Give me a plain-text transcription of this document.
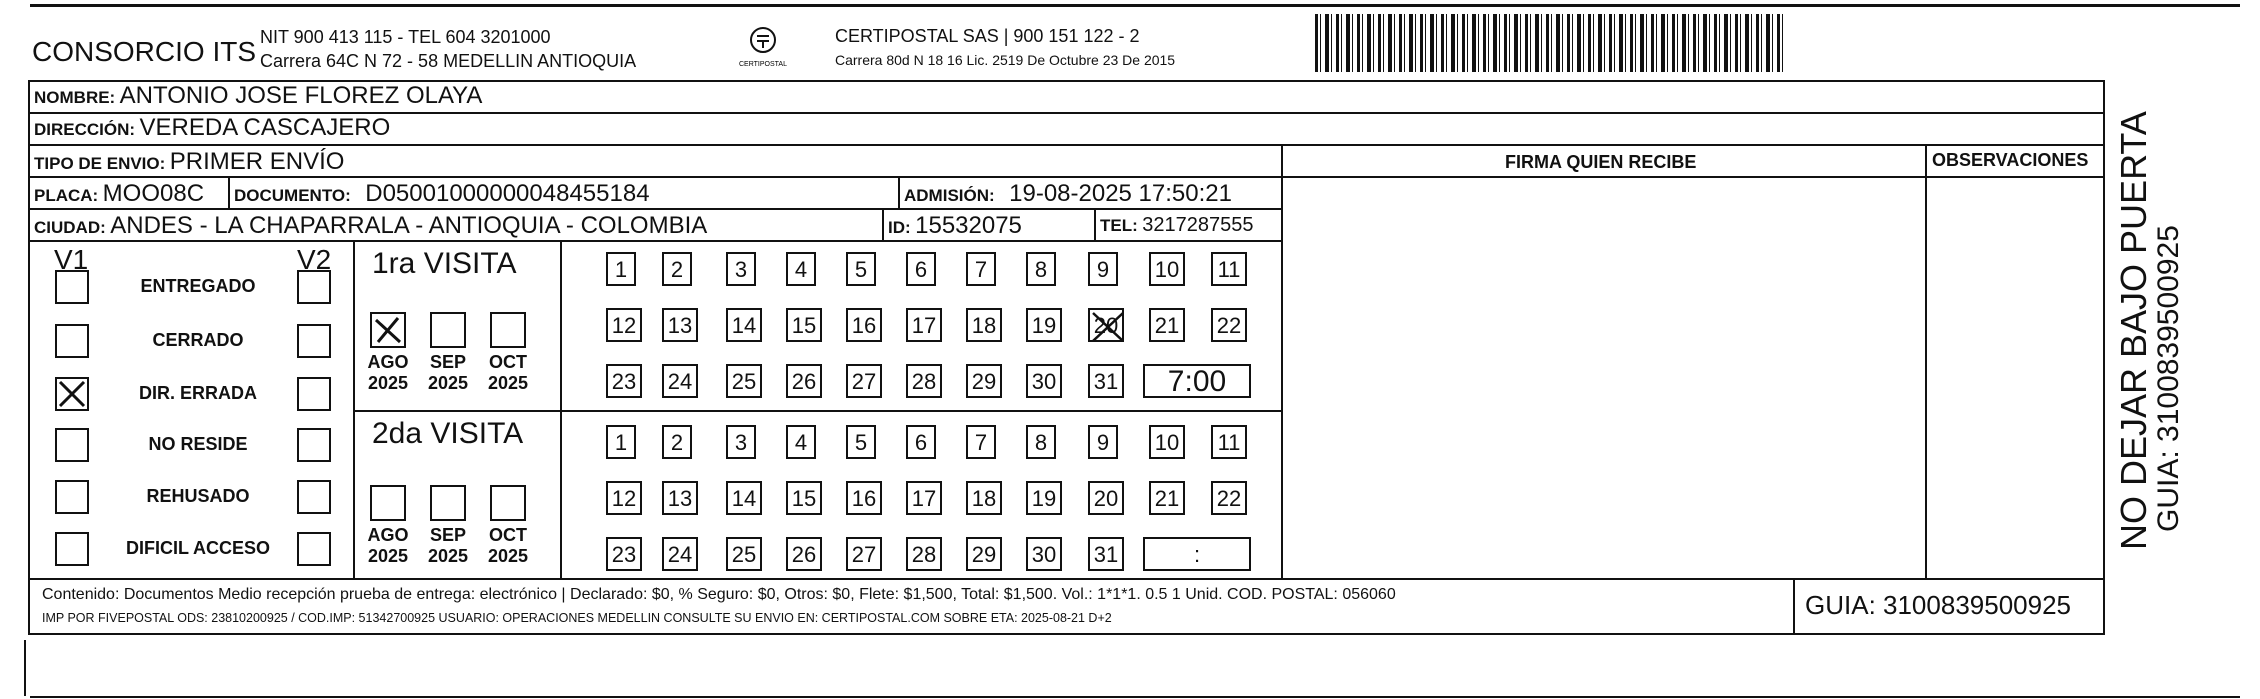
CONSORCIO ITS NIT 900 413 115 - TEL 604 3201000
Carrera 64C N 72 - 58 MEDELLIN ANTIOQUIA	CERTIPOSTAL
CERTIPOSTAL SAS | 900 151 122 - 2
Carrera 80d N 18 16 Lic. 2519 De Octubre 23 De 2015
NOMBRE: ANTONIO JOSE FLOREZ OLAYA
DIRECCIÓN: VEREDA CASCAJERO
TIPO DE ENVIO: PRIMER ENVÍO	FIRMA QUIEN RECIBE	OBSERVACIONES
PLACA: MOO08C DOCUMENTO: D05001000000048455184	ADMISIÓN: 19-08-2025 17:50:21
CIUDAD: ANDES - LA CHAPARRALA - ANTIOQUIA - COLOMBIA	ID: 15532075	TEL: 3217287555
V1	V2
ENTREGADO
CERRADO
DIR. ERRADA
NO RESIDE
REHUSADO
DIFICIL ACCESO
1ra VISITA
2da VISITA
AGO
2025
SEP
2025
OCT
2025
1	2	3	4	5	6	7	8	9	10 11
12 13 14 15 16 17 18 19 20 21 22
23 24 25 26 27 28 29 30 31	7:00
AGO
2025
SEP
2025
OCT
2025
1	2	3	4	5	6	7	8	9	10 11
12 13 14 15 16 17 18 19 20 21 22
23 24 25 26 27 28 29 30 31	:
Contenido: Documentos Medio recepción prueba de entrega: electrónico | Declarado: $0, % Seguro: $0, Otros: $0, Flete: $1,500, Total: $1,500. Vol.: 1*1*1. 0.5 1 Unid. COD. POSTAL: 056060
IMP POR FIVEPOSTAL ODS: 23810200925 / COD.IMP: 51342700925 USUARIO: OPERACIONES MEDELLIN CONSULTE SU ENVIO EN: CERTIPOSTAL.COM SOBRE ETA: 2025-08-21 D+2	GUIA: 3100839500925
NO DEJAR BAJO PUERTA
GUIA: 3100839500925
